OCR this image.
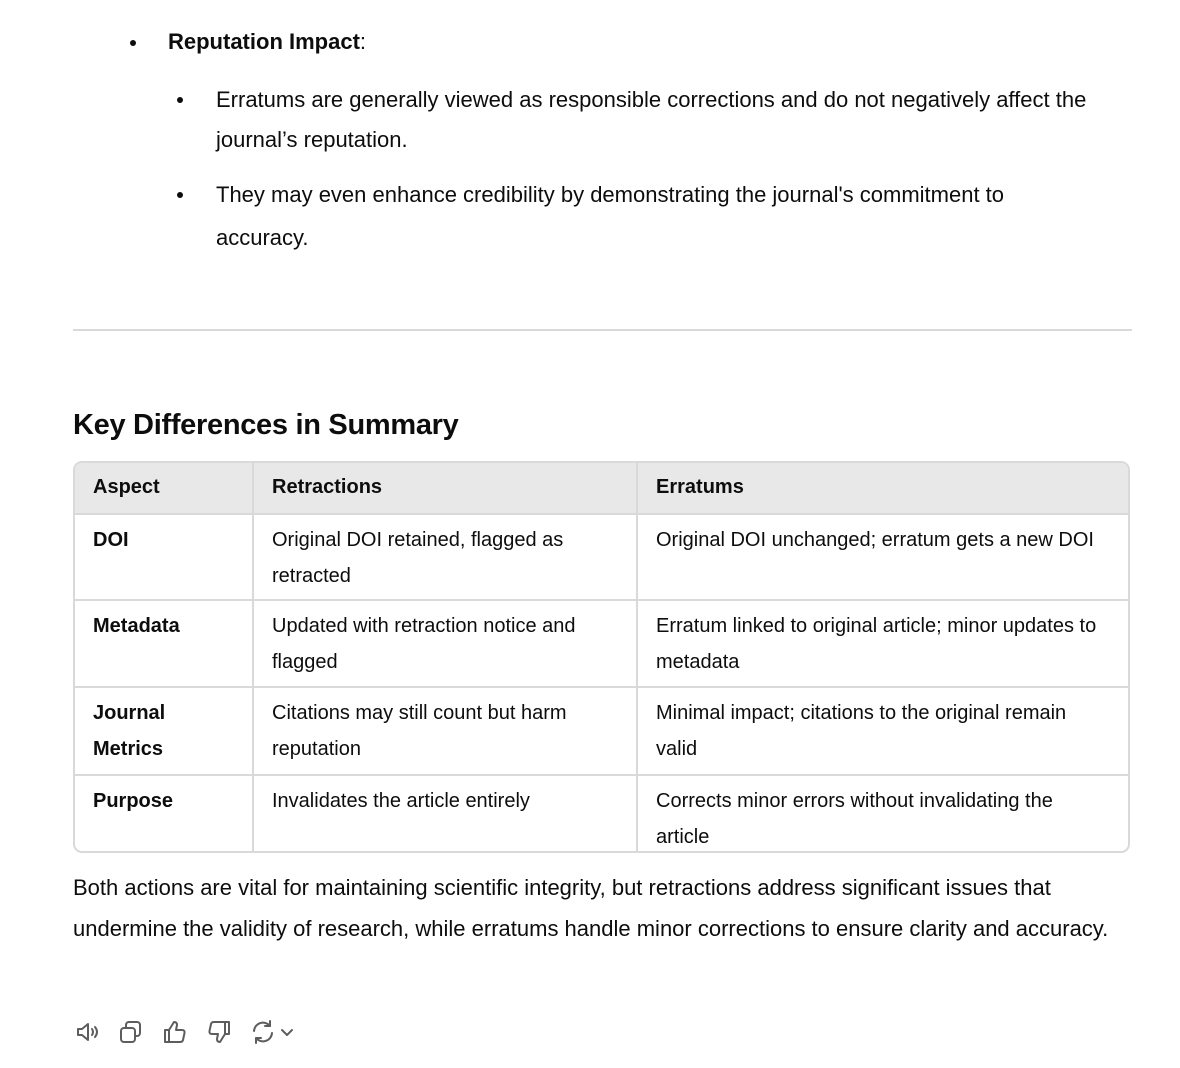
Reputation Impact:
Erratums are generally viewed as responsible corrections and do not negatively affect the journal’s reputation.
They may even enhance credibility by demonstrating the journal's commitment to accuracy.
Key Differences in Summary
Aspect	Retractions	Erratums
DOI	Original DOI retained, flagged as retracted	Original DOI unchanged; erratum gets a new DOI
Metadata	Updated with retraction notice and flagged	Erratum linked to original article; minor updates to metadata
Journal Metrics	Citations may still count but harm reputation	Minimal impact; citations to the original remain valid
Purpose	Invalidates the article entirely	Corrects minor errors without invalidating the article
Both actions are vital for maintaining scientific integrity, but retractions address significant issues that undermine the validity of research, while erratums handle minor corrections to ensure clarity and accuracy.
